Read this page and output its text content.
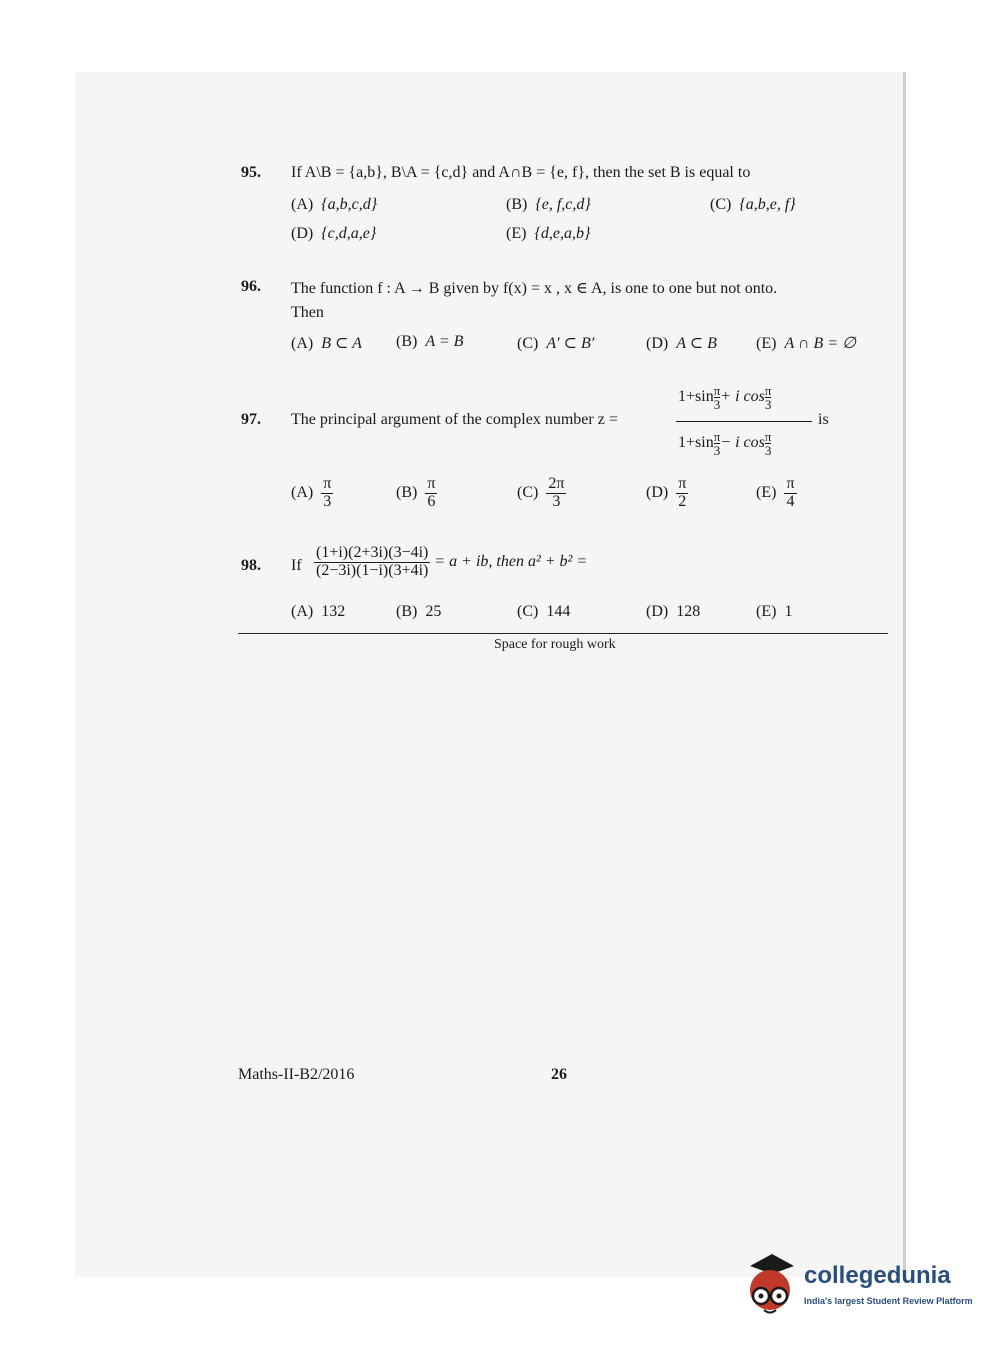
95. If A\B = {a,b}, B\A = {c,d} and A∩B = {e, f}, then the set B is equal to
(A) {a,b,c,d}	(B) {e, f,c,d}	(C) {a,b,e, f}
(D) {c,d,a,e}	(E) {d,e,a,b}
96. The function f : A → B given by f(x) = x , x ∈ A, is one to one but not onto.
Then
(A) B ⊂ A (B) A = B	(C) A′ ⊂ B′	(D) A ⊂ B (E) A ∩ B = ∅
97. The principal argument of the complex number z =
$1+\sin \frac{\pi}{3} + i$ $\cos \frac{\pi}{3}$
$1+\sin \frac{\pi}{3} - i$ $\cos \frac{\pi}{3}$
is
$(A) \frac{\pi}{3}$	$(B) \frac{\pi}{6}$	$(C) \frac{2\pi}{3}$	$(D) \frac{\pi}{2}$	$(E) \frac{\pi}{4}$
98. If $\frac{(1+i)(2+3i)(3-4i)}{(2-3i)(1-i)(3+4i)} = a$ + ib, then a² + b² =
(A) 132	(B) 25	(C) 144	(D) 128	(E) 1
Space for rough work
Maths-II-B2/2016	26
collegedunia
India's largest Student Review Platform
